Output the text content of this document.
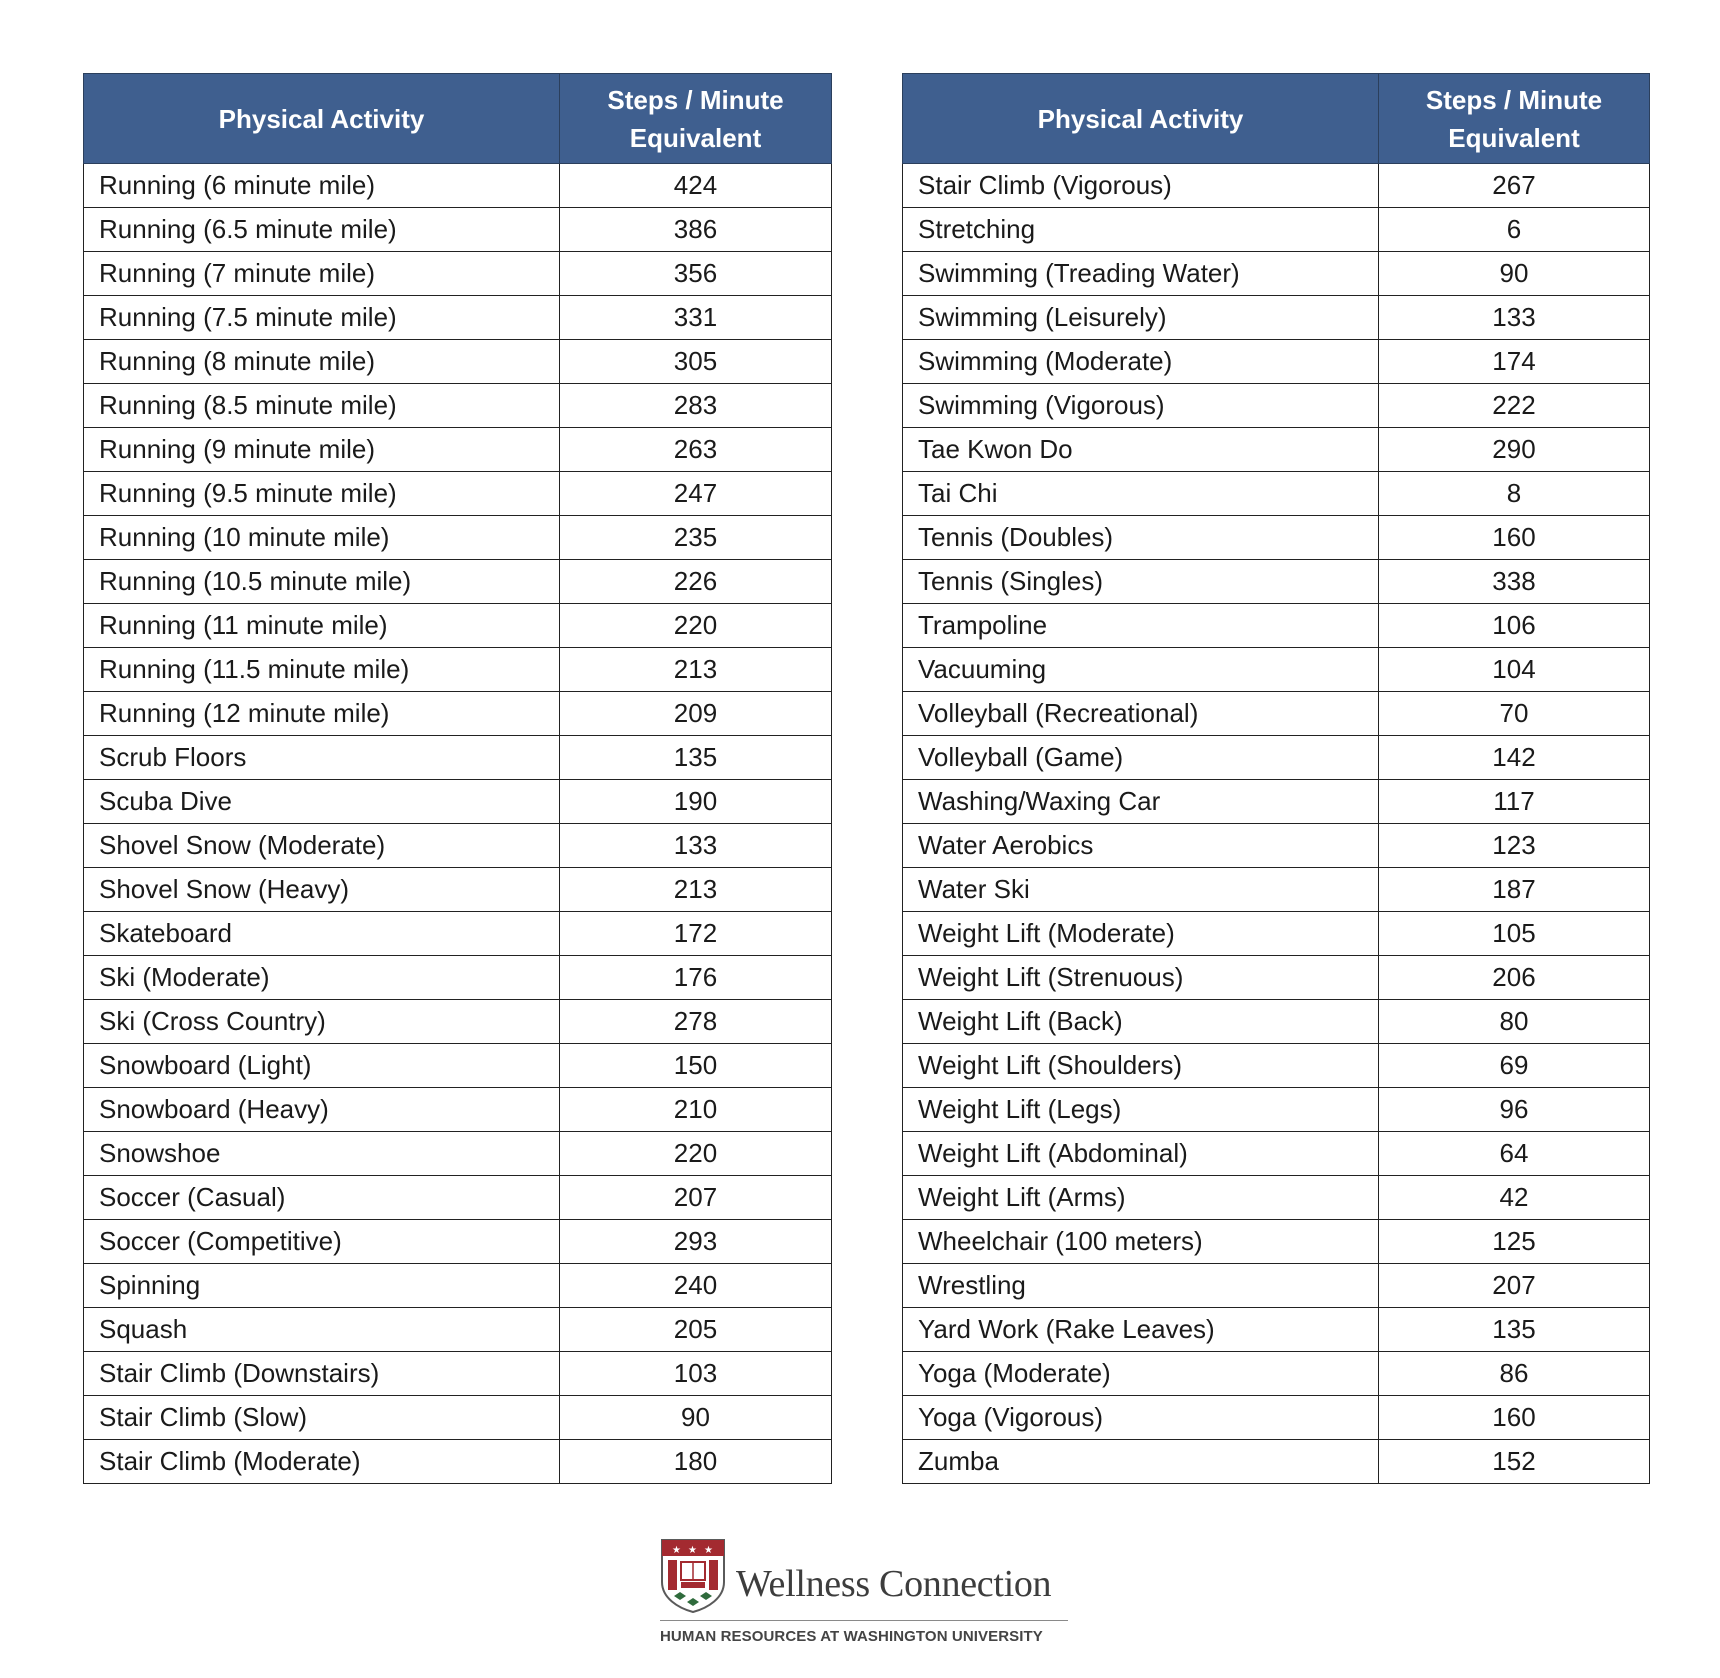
Physical Activity	Steps / Minute
Equivalent

Running (6 minute mile)	424
Running (6.5 minute mile)	386
Running (7 minute mile)	356
Running (7.5 minute mile)	331
Running (8 minute mile)	305
Running (8.5 minute mile)	283
Running (9 minute mile)	263
Running (9.5 minute mile)	247
Running (10 minute mile)	235
Running (10.5 minute mile)	226
Running (11 minute mile)	220
Running (11.5 minute mile)	213
Running (12 minute mile)	209
Scrub Floors	135
Scuba Dive	190
Shovel Snow (Moderate)	133
Shovel Snow (Heavy)	213
Skateboard	172
Ski (Moderate)	176
Ski (Cross Country)	278
Snowboard (Light)	150
Snowboard (Heavy)	210
Snowshoe	220
Soccer (Casual)	207
Soccer (Competitive)	293
Spinning	240
Squash	205
Stair Climb (Downstairs)	103
Stair Climb (Slow)	90
Stair Climb (Moderate)	180
Physical Activity	Steps / Minute
Equivalent

Stair Climb (Vigorous)	267
Stretching	6
Swimming (Treading Water)	90
Swimming (Leisurely)	133
Swimming (Moderate)	174
Swimming (Vigorous)	222
Tae Kwon Do	290
Tai Chi	8
Tennis (Doubles)	160
Tennis (Singles)	338
Trampoline	106
Vacuuming	104
Volleyball (Recreational)	70
Volleyball (Game)	142
Washing/Waxing Car	117
Water Aerobics	123
Water Ski	187
Weight Lift (Moderate)	105
Weight Lift (Strenuous)	206
Weight Lift (Back)	80
Weight Lift (Shoulders)	69
Weight Lift (Legs)	96
Weight Lift (Abdominal)	64
Weight Lift (Arms)	42
Wheelchair (100 meters)	125
Wrestling	207
Yard Work (Rake Leaves)	135
Yoga (Moderate)	86
Yoga (Vigorous)	160
Zumba	152
★ ★ ★
Wellness Connection
HUMAN RESOURCES AT WASHINGTON UNIVERSITY
